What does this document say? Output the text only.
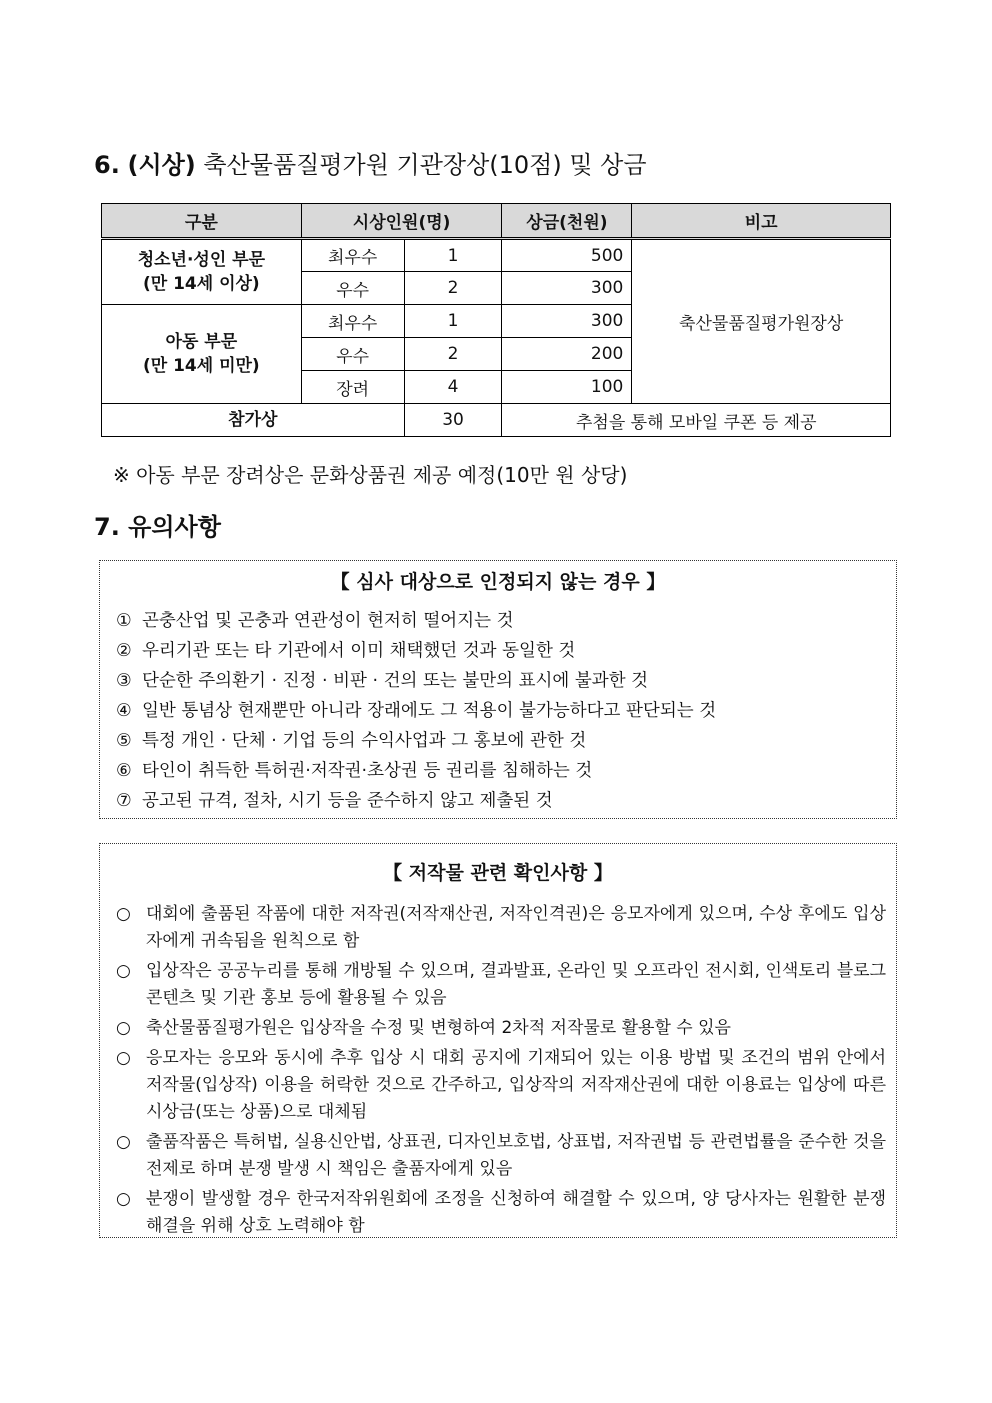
6. (시상) 축산물품질평가원 기관장상(10점) 및 상금
구분	시상인원(명)		상금(천원)	비고

청소년·성인 부문
(만 14세 이상)	최우수	1	500	축산물품질평가원장상
	우수	2	300	

아동 부문
(만 14세 미만)	최우수	1	300	
	우수	2	200	
	장려	4	100	
참가상		30	추첨을 통해 모바일 쿠폰 등 제공	
※ 아동 부문 장려상은 문화상품권 제공 예정(10만 원 상당)
7. 유의사항
【 심사 대상으로 인정되지 않는 경우 】
① 곤충산업 및 곤충과 연관성이 현저히 떨어지는 것
② 우리기관 또는 타 기관에서 이미 채택했던 것과 동일한 것
③ 단순한 주의환기 · 진정 · 비판 · 건의 또는 불만의 표시에 불과한 것
④ 일반 통념상 현재뿐만 아니라 장래에도 그 적용이 불가능하다고 판단되는 것
⑤ 특정 개인 · 단체 · 기업 등의 수익사업과 그 홍보에 관한 것
⑥ 타인이 취득한 특허권·저작권·초상권 등 권리를 침해하는 것
⑦ 공고된 규격, 절차, 시기 등을 준수하지 않고 제출된 것
【 저작물 관련 확인사항 】
○ 대회에 출품된 작품에 대한 저작권(저작재산권, 저작인격권)은 응모자에게 있으며, 수상 후에도 입상자에게 귀속됨을 원칙으로 함
○ 입상작은 공공누리를 통해 개방될 수 있으며, 결과발표, 온라인 및 오프라인 전시회, 인색토리 블로그 콘텐츠 및 기관 홍보 등에 활용될 수 있음
○ 축산물품질평가원은 입상작을 수정 및 변형하여 2차적 저작물로 활용할 수 있음
○ 응모자는 응모와 동시에 추후 입상 시 대회 공지에 기재되어 있는 이용 방법 및 조건의 범위 안에서 저작물(입상작) 이용을 허락한 것으로 간주하고, 입상작의 저작재산권에 대한 이용료는 입상에 따른 시상금(또는 상품)으로 대체됨
○ 출품작품은 특허법, 실용신안법, 상표권, 디자인보호법, 상표법, 저작권법 등 관련법률을 준수한 것을 전제로 하며 분쟁 발생 시 책임은 출품자에게 있음
○ 분쟁이 발생할 경우 한국저작위원회에 조정을 신청하여 해결할 수 있으며, 양 당사자는 원활한 분쟁 해결을 위해 상호 노력해야 함
